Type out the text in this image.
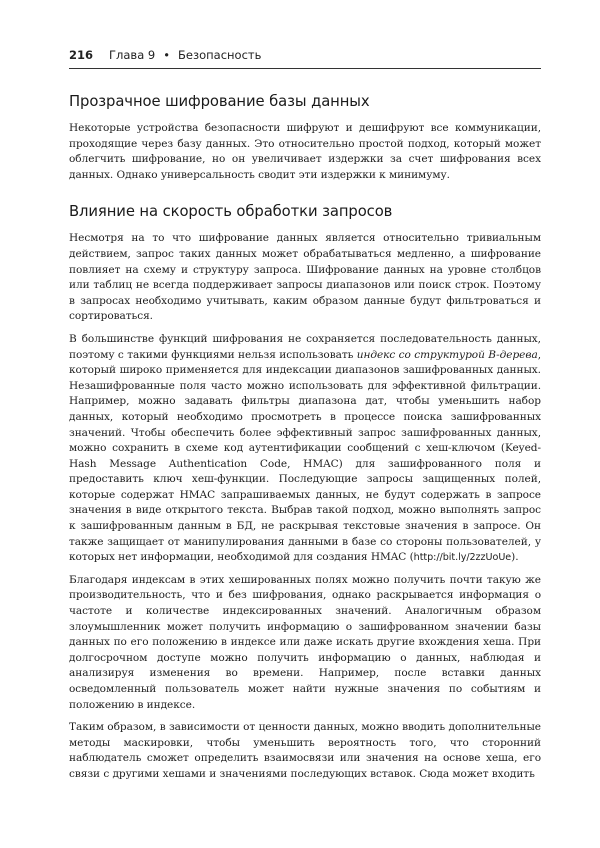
216 Глава 9 • Безопасность
Прозрачное шифрование базы данных

Некоторые устройства безопасности шифруют и дешифруют все коммуникации, проходящие через базу данных. Это относительно простой подход, который может облегчить шифрование, но он увеличивает издержки за счет шифрования всех данных. Однако универсальность сводит эти издержки к минимуму.

Влияние на скорость обработки запросов

Несмотря на то что шифрование данных является относительно тривиальным действием, запрос таких данных может обрабатываться медленно, а шифрование повлияет на схему и структуру запроса. Шифрование данных на уровне столбцов или таблиц не всегда поддерживает запросы диапазонов или поиск строк. Поэтому в запросах необходимо учитывать, каким образом данные будут фильтроваться и сортироваться.

В большинстве функций шифрования не сохраняется последовательность данных, поэтому с такими функциями нельзя использовать индекс со структурой B-дерева, который широко применяется для индексации диапазонов зашифрованных данных. Незашифрованные поля часто можно использовать для эффективной фильтрации. Например, можно задавать фильтры диапазона дат, чтобы уменьшить набор данных, который необходимо просмотреть в процессе поиска зашифрованных значений. Чтобы обеспечить более эффективный запрос зашифрованных данных, можно сохранить в схеме код аутентификации сообщений с хеш-ключом (Keyed-Hash Message Authentication Code, HMAC) для зашифрованного поля и предоставить ключ хеш-функции. Последующие запросы защищенных полей, которые содержат HMAC запрашиваемых данных, не будут содержать в запросе значения в виде открытого текста. Выбрав такой подход, можно выполнять запрос к зашифрованным данным в БД, не раскрывая текстовые значения в запросе. Он также защищает от манипулирования данными в базе со стороны пользователей, у которых нет информации, необходимой для создания HMAC (http://bit.ly/2zzUoUe).

Благодаря индексам в этих хешированных полях можно получить почти такую же производительность, что и без шифрования, однако раскрывается информация о частоте и количестве индексированных значений. Аналогичным образом злоумышленник может получить информацию о зашифрованном значении базы данных по его положению в индексе или даже искать другие вхождения хеша. При долгосрочном доступе можно получить информацию о данных, наблюдая и анализируя изменения во времени. Например, после вставки данных осведомленный пользователь может найти нужные значения по событиям и положению в индексе.

Таким образом, в зависимости от ценности данных, можно вводить дополнительные методы маскировки, чтобы уменьшить вероятность того, что сторонний наблюдатель сможет определить взаимосвязи или значения на основе хеша, его связи с другими хешами и значениями последующих вставок. Сюда может входить
